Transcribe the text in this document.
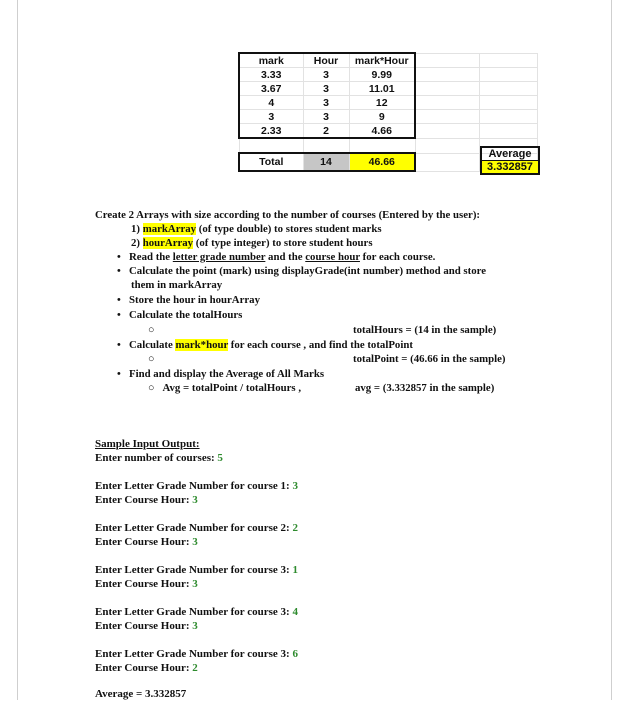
mark	Hour	mark*Hour		
3.33	3	9.99		
3.67	3	11.01		
4	3	12		
3	3	9		
2.33	2	4.66		

Total	14	46.66		
Average
3.332857
Create 2 Arrays with size according to the number of courses (Entered by the user):
1) markArray (of type double) to stores student marks
2) hourArray (of type integer) to store student hours
• Read the letter grade number and the course hour for each course.
• Calculate the point (mark) using displayGrade(int number) method and store
them in markArray
• Store the hour in hourArray
• Calculate the totalHours
○	totalHours = (14 in the sample)
• Calculate mark*hour for each course , and find the totalPoint
○	totalPoint = (46.66 in the sample)
• Find and display the Average of All Marks
○ Avg = totalPoint / totalHours ,	avg = (3.332857 in the sample)
Sample Input Output:
Enter number of courses: 5
Enter Letter Grade Number for course 1: 3
Enter Course Hour: 3
Enter Letter Grade Number for course 2: 2
Enter Course Hour: 3
Enter Letter Grade Number for course 3: 1
Enter Course Hour: 3
Enter Letter Grade Number for course 3: 4
Enter Course Hour: 3
Enter Letter Grade Number for course 3: 6
Enter Course Hour: 2
Average = 3.332857
